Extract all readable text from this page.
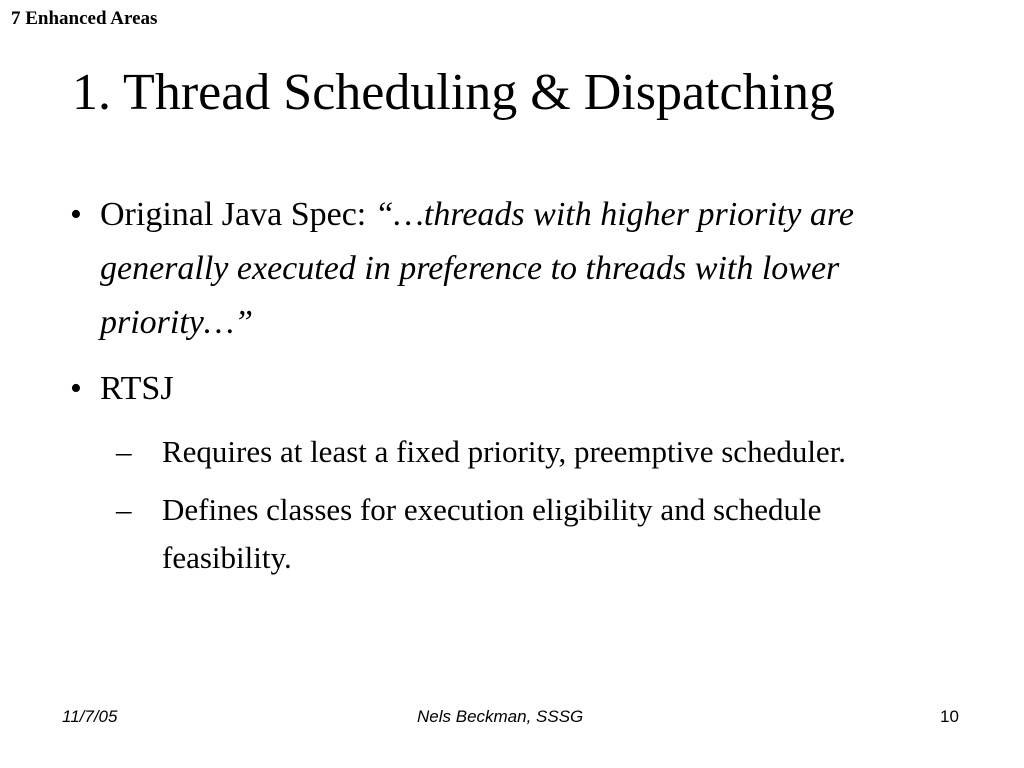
7 Enhanced Areas
1. Thread Scheduling & Dispatching
• Original Java Spec: “…threads with higher priority are generally executed in preference to threads with lower priority…”
• RTSJ
– Requires at least a fixed priority, preemptive scheduler.
– Defines classes for execution eligibility and schedule feasibility.
11/7/05	Nels Beckman, SSSG	10
